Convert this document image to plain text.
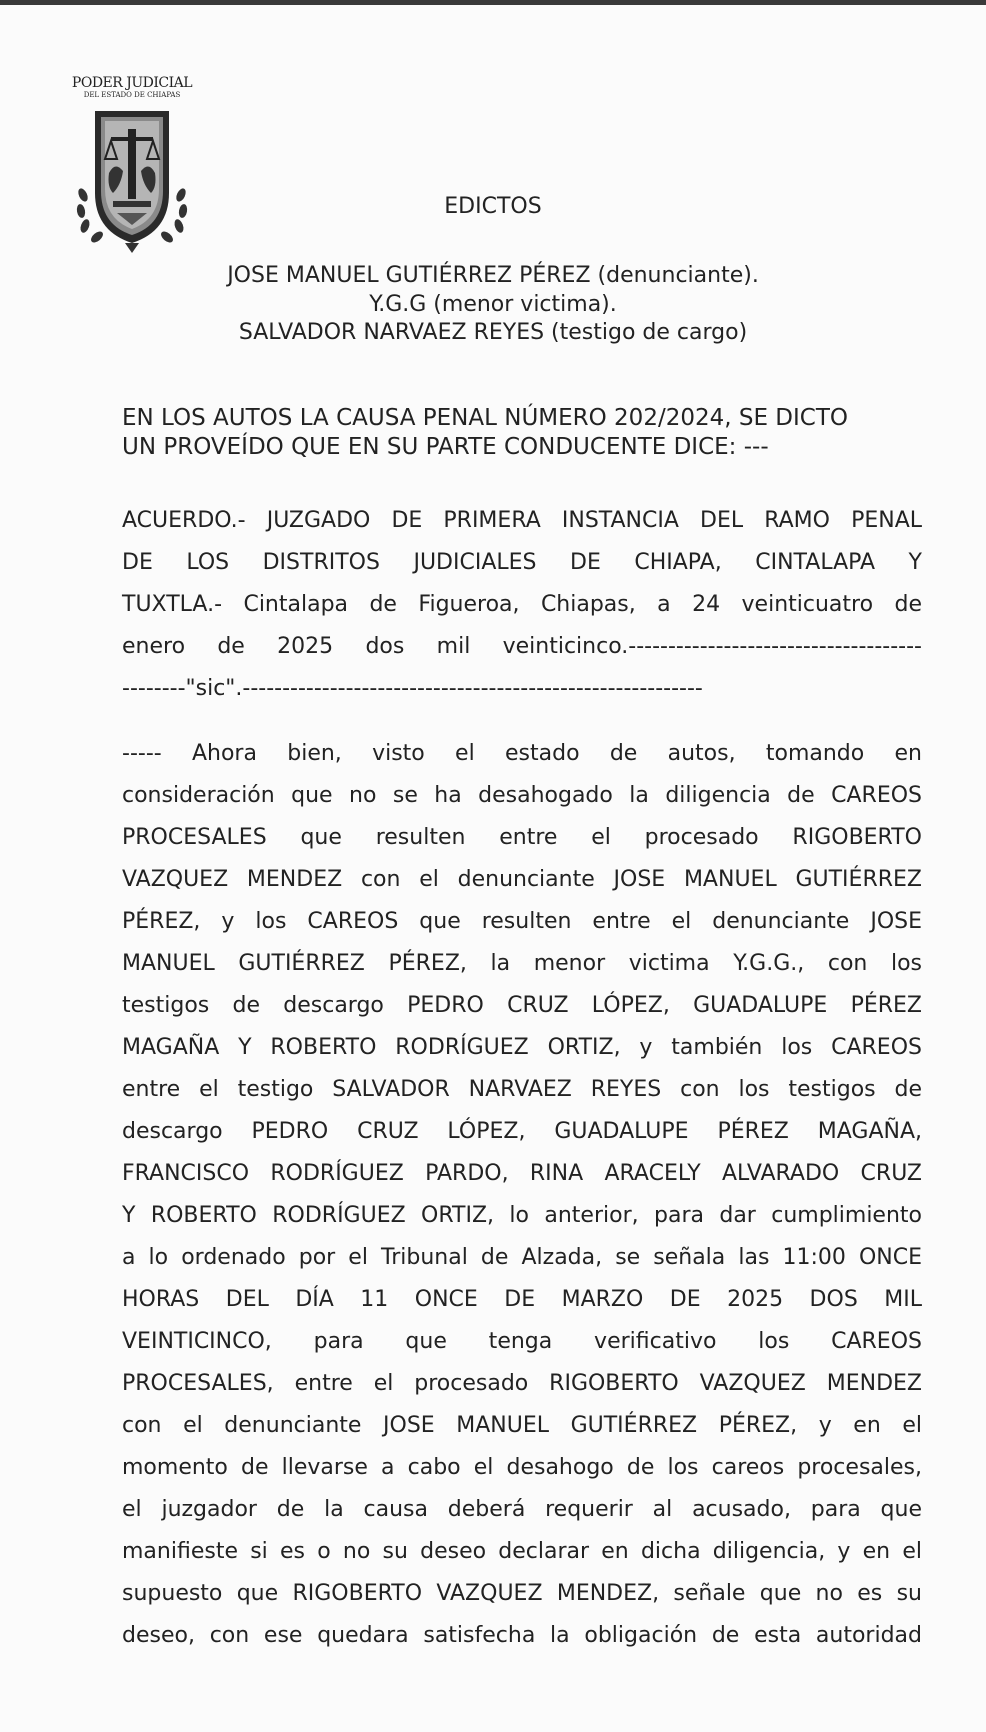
PODER JUDICIAL
DEL ESTADO DE CHIAPAS
EDICTOS
JOSE MANUEL GUTIÉRREZ PÉREZ (denunciante).
Y.G.G (menor victima).
SALVADOR NARVAEZ REYES (testigo de cargo)
EN LOS AUTOS LA CAUSA PENAL NÚMERO 202/2024, SE DICTO
UN PROVEÍDO QUE EN SU PARTE CONDUCENTE DICE: ---
ACUERDO.- JUZGADO DE PRIMERA INSTANCIA DEL RAMO PENAL
DE LOS DISTRITOS JUDICIALES DE CHIAPA, CINTALAPA Y
TUXTLA.- Cintalapa de Figueroa, Chiapas, a 24 veinticuatro de
enero de 2025 dos mil veinticinco.-------------------------------------
--------"sic".----------------------------------------------------------
----- Ahora bien, visto el estado de autos, tomando en
consideración que no se ha desahogado la diligencia de CAREOS
PROCESALES que resulten entre el procesado RIGOBERTO
VAZQUEZ MENDEZ con el denunciante JOSE MANUEL GUTIÉRREZ
PÉREZ, y los CAREOS que resulten entre el denunciante JOSE
MANUEL GUTIÉRREZ PÉREZ, la menor victima Y.G.G., con los
testigos de descargo PEDRO CRUZ LÓPEZ, GUADALUPE PÉREZ
MAGAÑA Y ROBERTO RODRÍGUEZ ORTIZ, y también los CAREOS
entre el testigo SALVADOR NARVAEZ REYES con los testigos de
descargo PEDRO CRUZ LÓPEZ, GUADALUPE PÉREZ MAGAÑA,
FRANCISCO RODRÍGUEZ PARDO, RINA ARACELY ALVARADO CRUZ
Y ROBERTO RODRÍGUEZ ORTIZ, lo anterior, para dar cumplimiento
a lo ordenado por el Tribunal de Alzada, se señala las 11:00 ONCE
HORAS DEL DÍA 11 ONCE DE MARZO DE 2025 DOS MIL
VEINTICINCO, para que tenga verificativo los CAREOS
PROCESALES, entre el procesado RIGOBERTO VAZQUEZ MENDEZ
con el denunciante JOSE MANUEL GUTIÉRREZ PÉREZ, y en el
momento de llevarse a cabo el desahogo de los careos procesales,
el juzgador de la causa deberá requerir al acusado, para que
manifieste si es o no su deseo declarar en dicha diligencia, y en el
supuesto que RIGOBERTO VAZQUEZ MENDEZ, señale que no es su
deseo, con ese quedara satisfecha la obligación de esta autoridad
